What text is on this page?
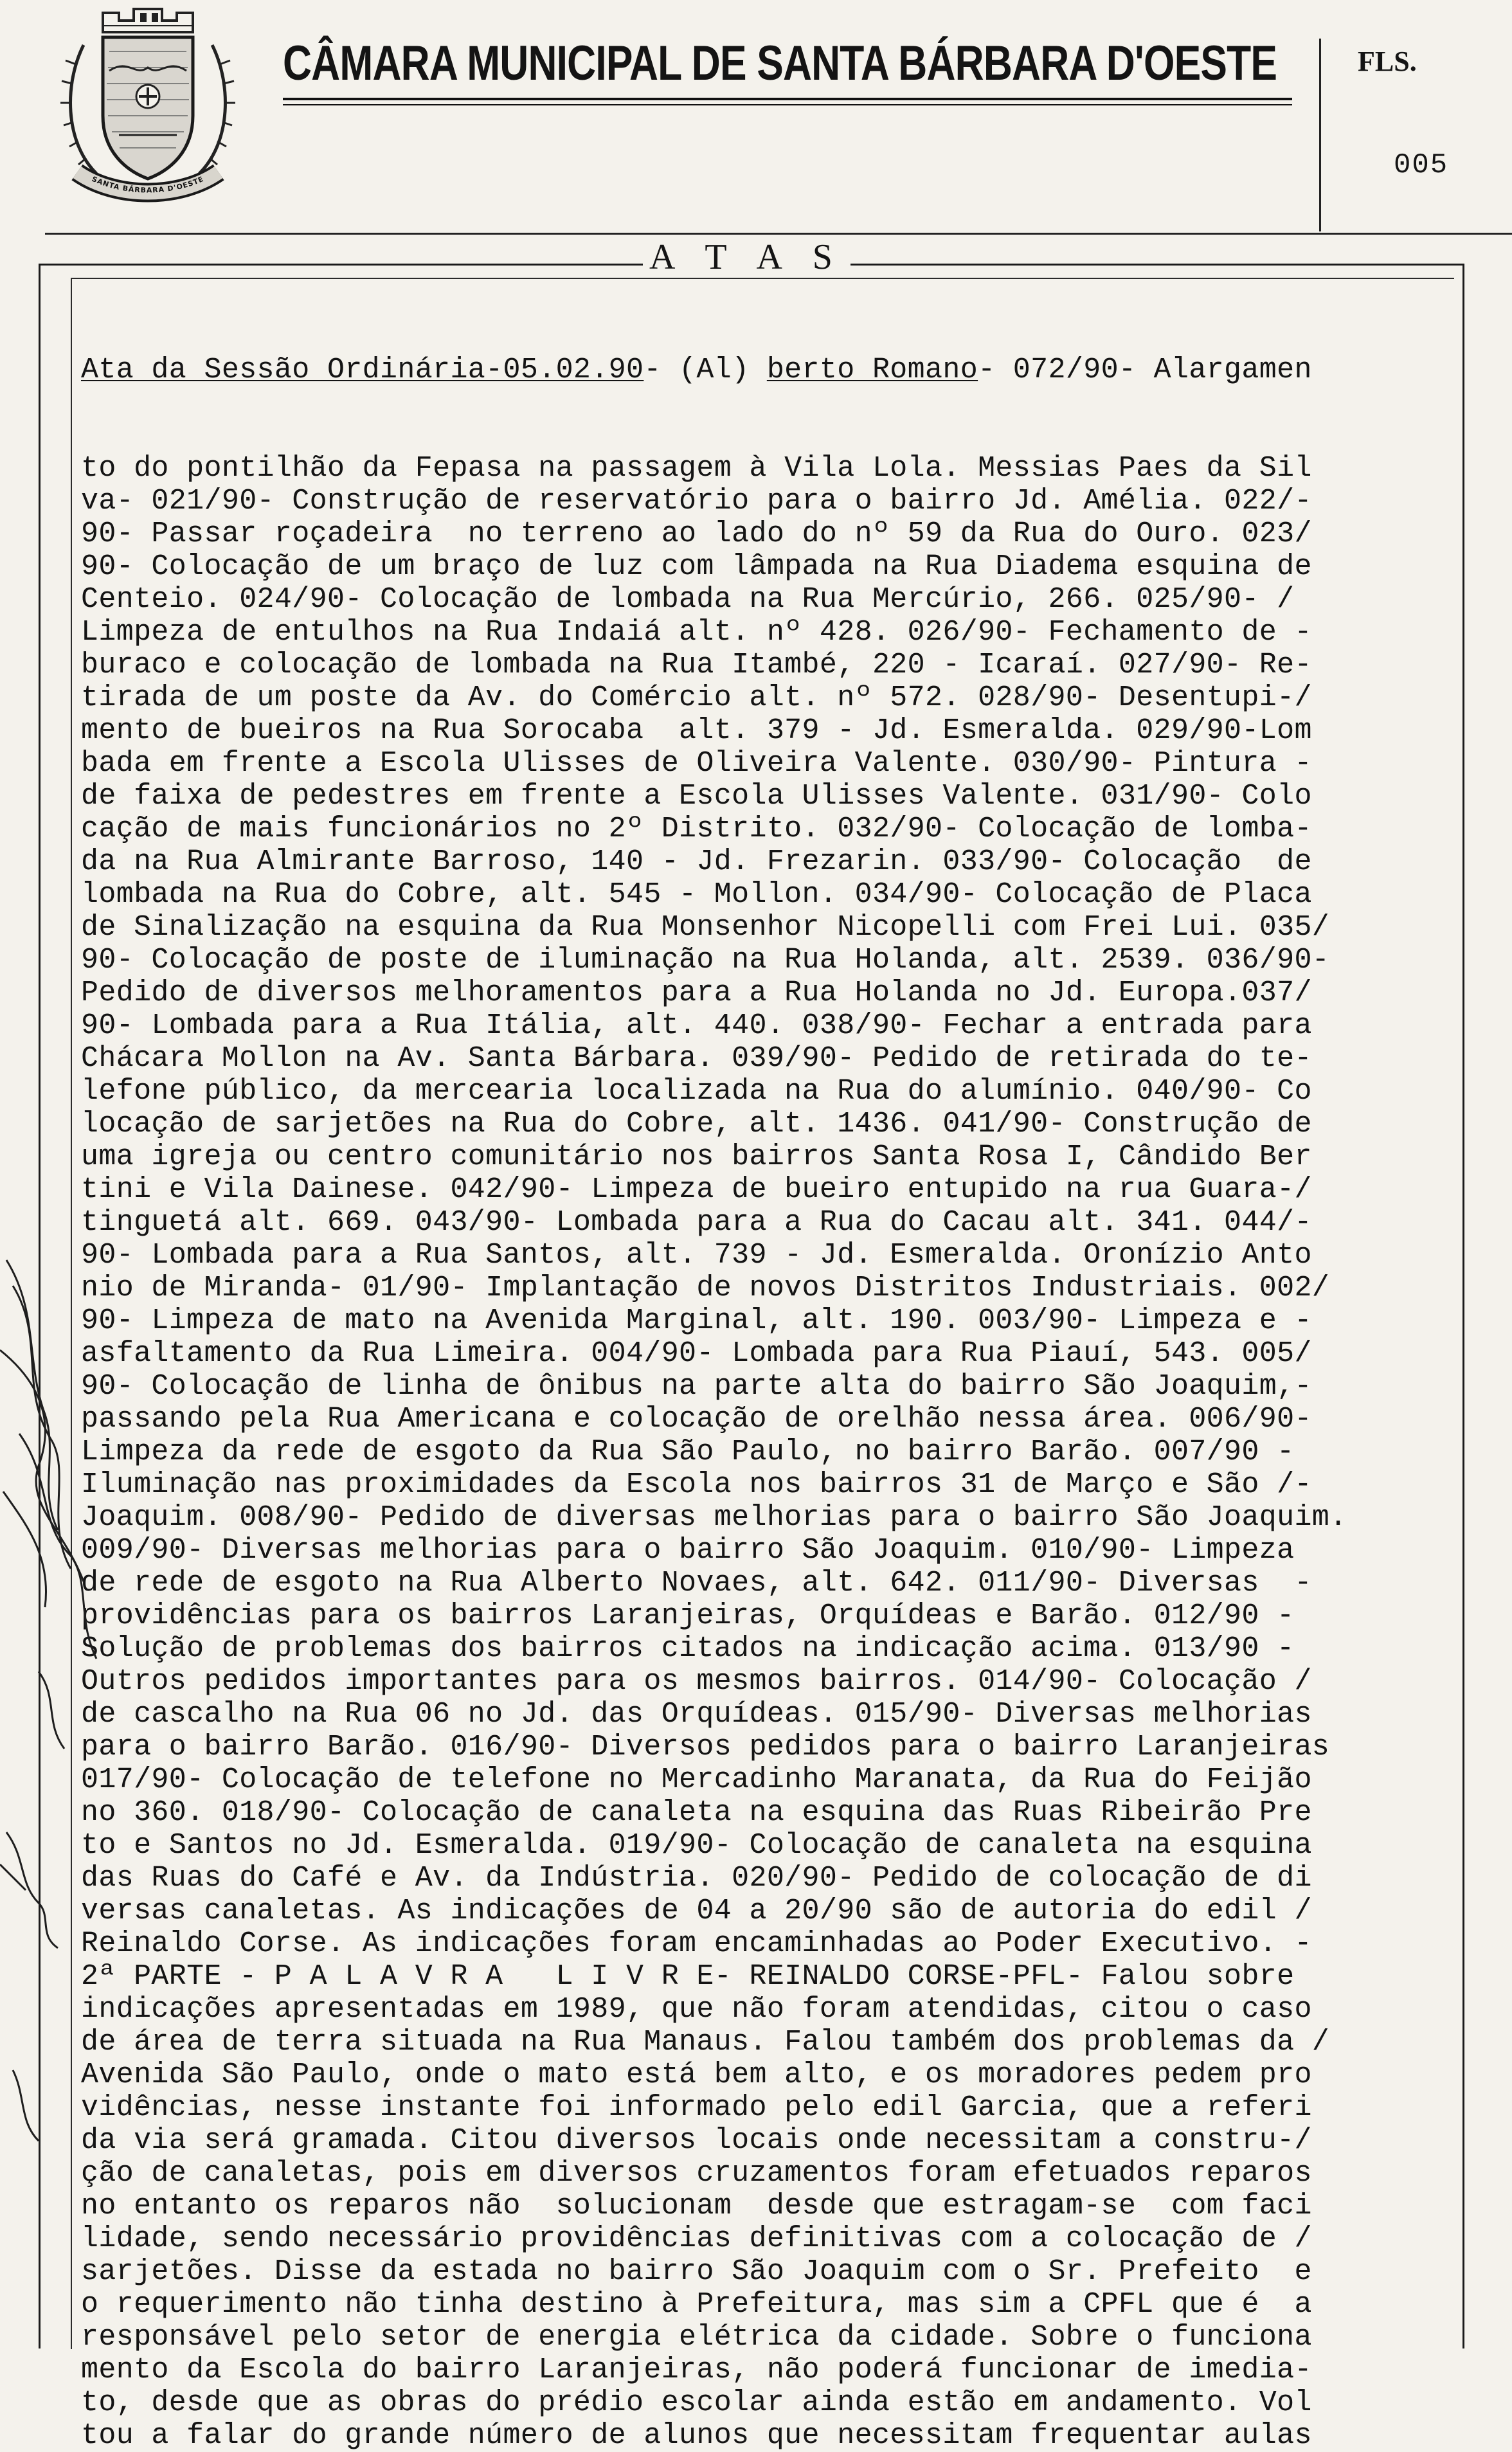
SANTA BÁRBARA D'OESTE
CÂMARA MUNICIPAL DE SANTA BÁRBARA D'OESTE	FLS.
005
A T A S

Ata da Sessão Ordinária-05.02.90- (Al) berto Romano- 072/90- Alargamen

to do pontilhão da Fepasa na passagem à Vila Lola. Messias Paes da Sil
va- 021/90- Construção de reservatório para o bairro Jd. Amélia. 022/-
90- Passar roçadeira  no terreno ao lado do nº 59 da Rua do Ouro. 023/
90- Colocação de um braço de luz com lâmpada na Rua Diadema esquina de
Centeio. 024/90- Colocação de lombada na Rua Mercúrio, 266. 025/90- /
Limpeza de entulhos na Rua Indaiá alt. nº 428. 026/90- Fechamento de -
buraco e colocação de lombada na Rua Itambé, 220 - Icaraí. 027/90- Re-
tirada de um poste da Av. do Comércio alt. nº 572. 028/90- Desentupi-/
mento de bueiros na Rua Sorocaba  alt. 379 - Jd. Esmeralda. 029/90-Lom
bada em frente a Escola Ulisses de Oliveira Valente. 030/90- Pintura -
de faixa de pedestres em frente a Escola Ulisses Valente. 031/90- Colo
cação de mais funcionários no 2º Distrito. 032/90- Colocação de lomba-
da na Rua Almirante Barroso, 140 - Jd. Frezarin. 033/90- Colocação  de
lombada na Rua do Cobre, alt. 545 - Mollon. 034/90- Colocação de Placa
de Sinalização na esquina da Rua Monsenhor Nicopelli com Frei Lui. 035/
90- Colocação de poste de iluminação na Rua Holanda, alt. 2539. 036/90-
Pedido de diversos melhoramentos para a Rua Holanda no Jd. Europa.037/
90- Lombada para a Rua Itália, alt. 440. 038/90- Fechar a entrada para
Chácara Mollon na Av. Santa Bárbara. 039/90- Pedido de retirada do te-
lefone público, da mercearia localizada na Rua do alumínio. 040/90- Co
locação de sarjetões na Rua do Cobre, alt. 1436. 041/90- Construção de
uma igreja ou centro comunitário nos bairros Santa Rosa I, Cândido Ber
tini e Vila Dainese. 042/90- Limpeza de bueiro entupido na rua Guara-/
tinguetá alt. 669. 043/90- Lombada para a Rua do Cacau alt. 341. 044/-
90- Lombada para a Rua Santos, alt. 739 - Jd. Esmeralda. Oronízio Anto
nio de Miranda- 01/90- Implantação de novos Distritos Industriais. 002/
90- Limpeza de mato na Avenida Marginal, alt. 190. 003/90- Limpeza e -
asfaltamento da Rua Limeira. 004/90- Lombada para Rua Piauí, 543. 005/
90- Colocação de linha de ônibus na parte alta do bairro São Joaquim,-
passando pela Rua Americana e colocação de orelhão nessa área. 006/90-
Limpeza da rede de esgoto da Rua São Paulo, no bairro Barão. 007/90 -
Iluminação nas proximidades da Escola nos bairros 31 de Março e São /-
Joaquim. 008/90- Pedido de diversas melhorias para o bairro São Joaquim.
009/90- Diversas melhorias para o bairro São Joaquim. 010/90- Limpeza
de rede de esgoto na Rua Alberto Novaes, alt. 642. 011/90- Diversas  -
providências para os bairros Laranjeiras, Orquídeas e Barão. 012/90 -
Solução de problemas dos bairros citados na indicação acima. 013/90 -
Outros pedidos importantes para os mesmos bairros. 014/90- Colocação /
de cascalho na Rua 06 no Jd. das Orquídeas. 015/90- Diversas melhorias
para o bairro Barão. 016/90- Diversos pedidos para o bairro Laranjeiras
017/90- Colocação de telefone no Mercadinho Maranata, da Rua do Feijão
no 360. 018/90- Colocação de canaleta na esquina das Ruas Ribeirão Pre
to e Santos no Jd. Esmeralda. 019/90- Colocação de canaleta na esquina
das Ruas do Café e Av. da Indústria. 020/90- Pedido de colocação de di
versas canaletas. As indicações de 04 a 20/90 são de autoria do edil /
Reinaldo Corse. As indicações foram encaminhadas ao Poder Executivo. -
2ª PARTE - P A L A V R A   L I V R E- REINALDO CORSE-PFL- Falou sobre
indicações apresentadas em 1989, que não foram atendidas, citou o caso
de área de terra situada na Rua Manaus. Falou também dos problemas da /
Avenida São Paulo, onde o mato está bem alto, e os moradores pedem pro
vidências, nesse instante foi informado pelo edil Garcia, que a referi
da via será gramada. Citou diversos locais onde necessitam a constru-/
ção de canaletas, pois em diversos cruzamentos foram efetuados reparos
no entanto os reparos não  solucionam  desde que estragam-se  com faci
lidade, sendo necessário providências definitivas com a colocação de /
sarjetões. Disse da estada no bairro São Joaquim com o Sr. Prefeito  e
o requerimento não tinha destino à Prefeitura, mas sim a CPFL que é  a
responsável pelo setor de energia elétrica da cidade. Sobre o funciona
mento da Escola do bairro Laranjeiras, não poderá funcionar de imedia-
to, desde que as obras do prédio escolar ainda estão em andamento. Vol
tou a falar do grande número de alunos que necessitam frequentar aulas
